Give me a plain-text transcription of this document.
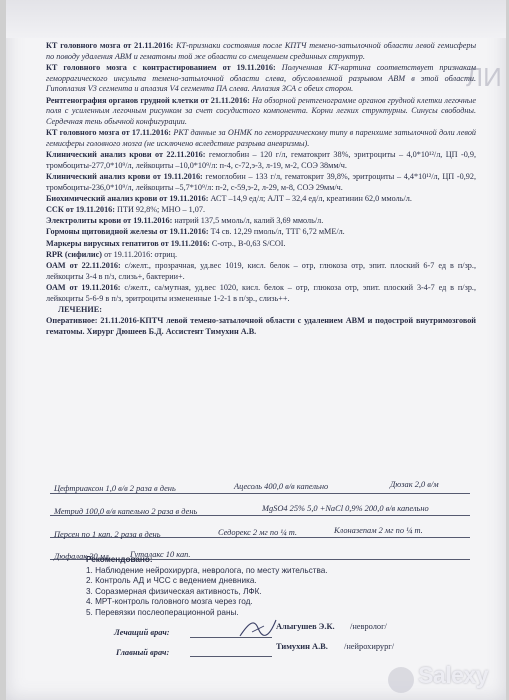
ЛИ
КТ головного мозга от 21.11.2016: КТ-признаки состояния после КПТЧ темено-затылочной области левой гемисферы по поводу удаления АВМ и гематомы той же области со смещением срединных структур.
КТ головного мозга с контрастированием от 19.11.2016: Полученная КТ-картина соответствует признакам геморрагического инсульта темено-затылочной области слева, обусловленной разрывом АВМ в этой области. Гипоплазия V3 сегмента и аплазия V4 сегмента ПА слева. Аплазия ЗСА с обеих сторон.
Рентгенография органов грудной клетки от 21.11.2016: На обзорной рентгенограмме органов грудной клетки легочные поля с усиленным легочным рисунком за счет сосудистого компонента. Корни легких структурны. Синусы свободны. Сердечная тень обычной конфигурации.
КТ головного мозга от 17.11.2016: РКТ данные за ОНМК по геморрагическому типу в паренхиме затылочной доли левой гемисферы головного мозга (не исключено вследствие разрыва аневризмы).
Клинический анализ крови от 22.11.2016: гемоглобин – 120 г/л, гематокрит 38%, эритроциты – 4,0*10¹²/л, ЦП -0,9, тромбоциты-277,0*10⁹/л, лейкоциты –10,0*10⁹/л: п-4, с-72,э-3, л-19, м-2, СОЭ 38мм/ч.
Клинический анализ крови от 19.11.2016: гемоглобин – 133 г/л, гематокрит 39,8%, эритроциты – 4,4*10¹²/л, ЦП -0,92, тромбоциты-236,0*10⁹/л, лейкоциты –5,7*10⁹/л: п-2, с-59,э-2, л-29, м-8, СОЭ 29мм/ч.
Биохимический анализ крови от 19.11.2016: АСТ –14,9 ед/л; АЛТ – 32,4 ед/л, креатинин 62,0 ммоль/л.
ССК от 19.11.2016: ПТИ 92,8%; МНО – 1,07.
Электролиты крови от 19.11.2016: натрий 137,5 ммоль/л, калий 3,69 ммоль/л.
Гормоны щитовидной железы от 19.11.2016: Т4 св. 12,29 пмоль/л, ТТГ 6,72 мМЕ/л.
Маркеры вирусных гепатитов от 19.11.2016: С-отр., В-0,63 S/COI.
RPR (сифилис) от 19.11.2016: отриц.
ОАМ от 22.11.2016: с/желт., прозрачная, уд.вес 1019, кисл. белок – отр, глюкоза отр, эпит. плоский 6-7 ед в п/зр., лейкоциты 3-4 в п/з, слизь+, бактерии+.
ОАМ от 19.11.2016: с/желт., са/мутная, уд.вес 1020, кисл. белок – отр, глюкоза отр, эпит. плоский 3-4-7 ед в п/зр., лейкоциты 5-6-9 в п/з, эритроциты измененные 1-2-1 в п/зр., слизь++.
ЛЕЧЕНИЕ:
Оперативное: 21.11.2016-КПТЧ левой темено-затылочной области с удалением АВМ и подострой внутримозговой гематомы. Хирург Дюшеев Б.Д. Ассистент Тимухин А.В.
Цефтриаксон 1,0 в/в 2 раза в день	Ацесоль 400,0 в/в капельно	Дюзак 2,0 в/м
Метрид 100,0 в/в капельно 2 раза в день	MgSO4 25% 5,0 +NaCl 0,9% 200,0 в/в капельно
Персен по 1 кап. 2 раза в день	Седорекс 2 мг по ¼ т.	Клоназепам 2 мг по ¼ т.
Дюфалак 30 мл	Гуталакс 10 кап.
Рекомендовано:
1. Наблюдение нейрохирурга, невролога, по месту жительства.
2. Контроль АД и ЧСС с ведением дневника.
3. Соразмерная физическая активность, ЛФК.
4. МРТ-контроль головного мозга через год.
5. Перевязки послеоперационной раны.
Лечащий врач:
Алыгушев Э.К. /невролог/
Главный врач:
Тимухин А.В. /нейрохирург/
Salexy
